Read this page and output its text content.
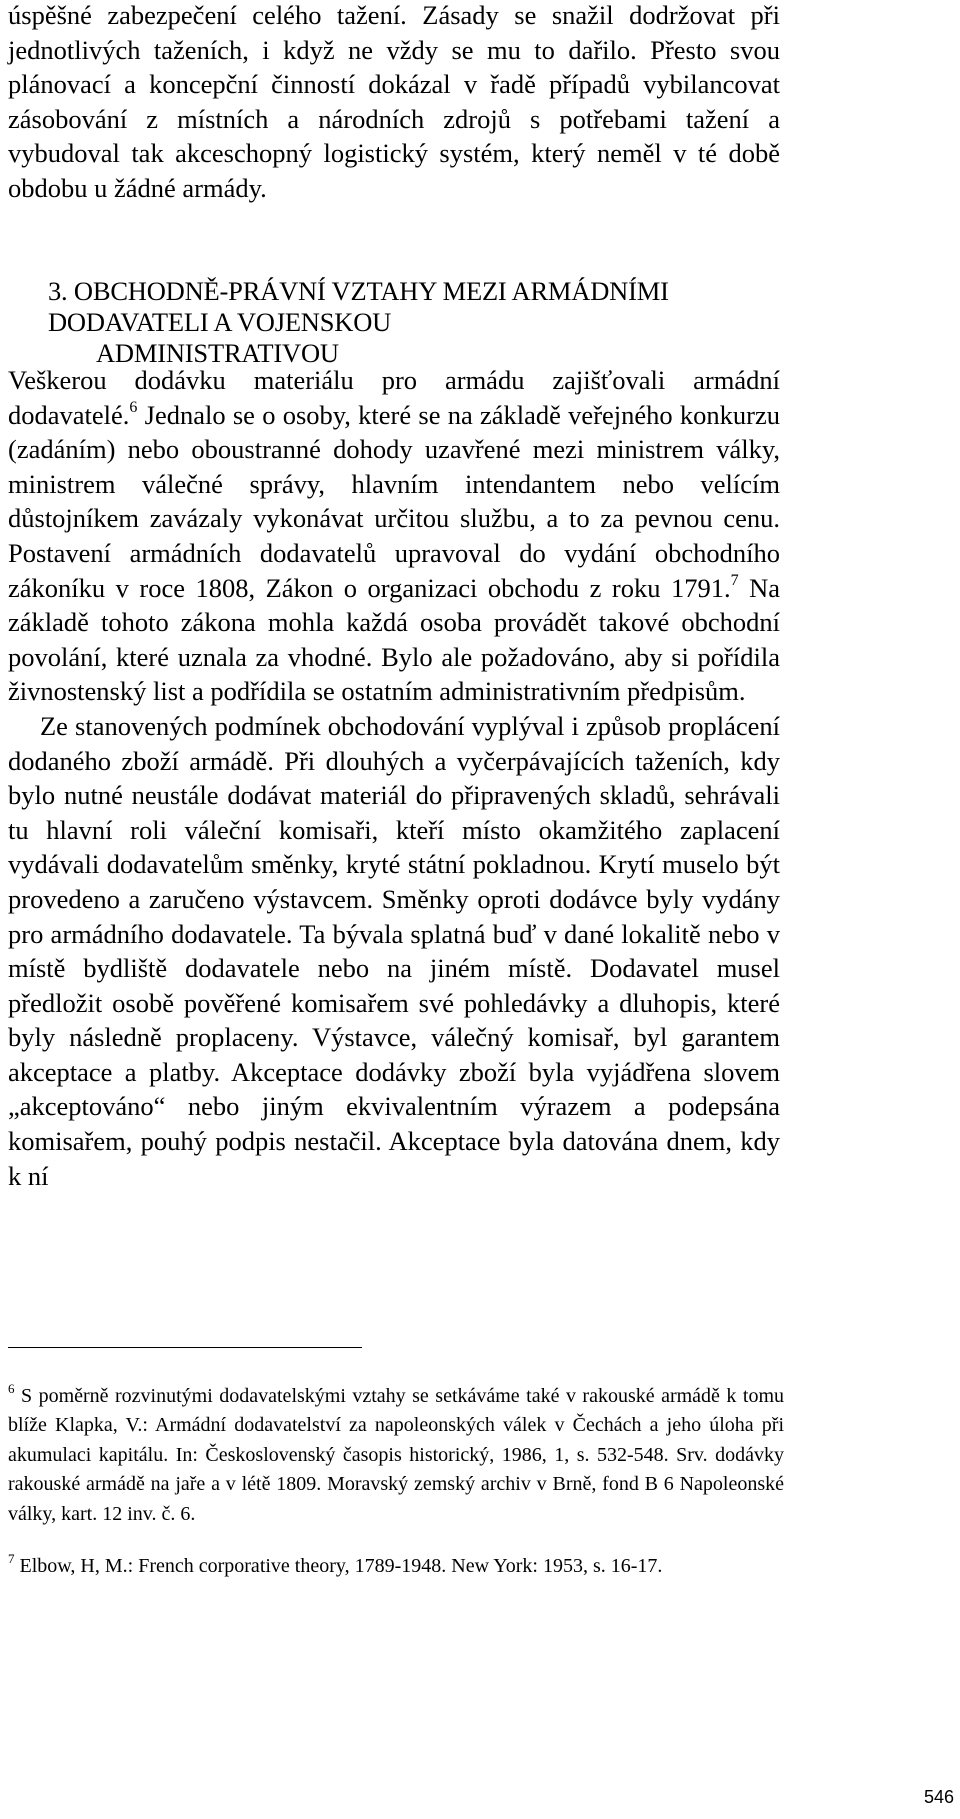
úspěšné zabezpečení celého tažení. Zásady se snažil dodržovat při jednotlivých taženích, i když ne vždy se mu to dařilo. Přesto svou plánovací a koncepční činností dokázal v řadě případů vybilancovat zásobování z místních a národních zdrojů s potřebami tažení a vybudoval tak akceschopný logistický systém, který neměl v té době obdobu u žádné armády.
3. OBCHODNĚ-PRÁVNÍ VZTAHY MEZI ARMÁDNÍMI
DODAVATELI A VOJENSKOU
ADMINISTRATIVOU

Veškerou dodávku materiálu pro armádu zajišťovali armádní dodavatelé.$^6$ Jednalo se o osoby, které se na základě veřejného konkurzu (zadáním) nebo oboustranné dohody uzavřené mezi ministrem války, ministrem válečné správy, hlavním intendantem nebo velícím důstojníkem zavázaly vykonávat určitou službu, a to za pevnou cenu. Postavení armádních dodavatelů upravoval do vydání obchodního zákoníku v roce 1808, Zákon o organizaci obchodu z roku 1791.$^7$ Na základě tohoto zákona mohla každá osoba provádět takové obchodní povolání, které uznala za vhodné. Bylo ale požadováno, aby si pořídila živnostenský list a podřídila se ostatním administrativním předpisům.

Ze stanovených podmínek obchodování vyplýval i způsob proplácení dodaného zboží armádě. Při dlouhých a vyčerpávajících taženích, kdy bylo nutné neustále dodávat materiál do připravených skladů, sehrávali tu hlavní roli váleční komisaři, kteří místo okamžitého zaplacení vydávali dodavatelům směnky, kryté státní pokladnou. Krytí muselo být provedeno a zaručeno výstavcem. Směnky oproti dodávce byly vydány pro armádního dodavatele. Ta bývala splatná buď v dané lokalitě nebo v místě bydliště dodavatele nebo na jiném místě. Dodavatel musel předložit osobě pověřené komisařem své pohledávky a dluhopis, které byly následně proplaceny. Výstavce, válečný komisař, byl garantem akceptace a platby. Akceptace dodávky zboží byla vyjádřena slovem „akceptováno“ nebo jiným ekvivalentním výrazem a podepsána komisařem, pouhý podpis nestačil. Akceptace byla datována dnem, kdy k ní

$^6$ S poměrně rozvinutými dodavatelskými vztahy se setkáváme také v rakouské armádě k tomu blíže Klapka, V.: Armádní dodavatelství za napoleonských válek v Čechách a jeho úloha při akumulaci kapitálu. In: Československý časopis historický, 1986, 1, s. 532-548. Srv. dodávky rakouské armádě na jaře a v létě 1809. Moravský zemský archiv v Brně, fond B 6 Napoleonské války, kart. 12 inv. č. 6.

$^7$ Elbow, H, M.: French corporative theory, 1789-1948. New York: 1953, s. 16-17.

546
